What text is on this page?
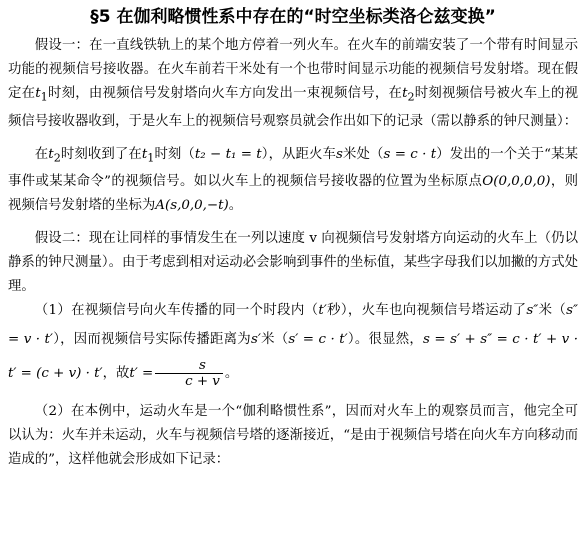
§5 在伽利略惯性系中存在的“时空坐标类洛仑兹变换”

假设一：在一直线铁轨上的某个地方停着一列火车。在火车的前端安装了一个带有时间显示功能的视频信号接收器。在火车前若干米处有一个也带时间显示功能的视频信号发射塔。现在假定在$t_1$时刻，由视频信号发射塔向火车方向发出一束视频信号，在$t_2$时刻视频信号被火车上的视频信号接收器收到，于是火车上的视频信号观察员就会作出如下的记录（需以静系的钟尺测量）：

在$t_2$时刻收到了在$t_1$时刻（t₂ − t₁ = t），从距火车s米处（s = c · t）发出的一个关于“某某事件或某某命令”的视频信号。如以火车上的视频信号接收器的位置为坐标原点O(0,0,0,0)，则视频信号发射塔的坐标为A(s,0,0,−t)。

假设二：现在让同样的事情发生在一列以速度 v 向视频信号发射塔方向运动的火车上（仍以静系的钟尺测量）。由于考虑到相对运动必会影响到事件的坐标值，某些字母我们以加撇的方式处理。

（1）在视频信号向火车传播的同一个时段内（t′秒），火车也向视频信号塔运动了s″米（s″ = v · t′），因而视频信号实际传播距离为s′米（s′ = c · t′）。很显然，s = s′ + s″ = c · t′ + v · t′ = (c + v) · t′，故$t' = \frac{s}{c + v}$ 。

（2）在本例中，运动火车是一个“伽利略惯性系”，因而对火车上的观察员而言，他完全可以认为：火车并未运动，火车与视频信号塔的逐渐接近，“是由于视频信号塔在向火车方向移动而造成的”，这样他就会形成如下记录：
